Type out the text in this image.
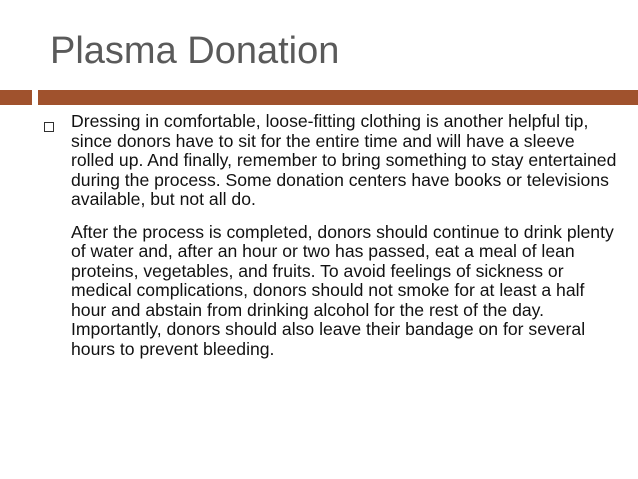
Plasma Donation

Dressing in comfortable, loose-fitting clothing is another helpful tip, since donors have to sit for the entire time and will have a sleeve rolled up. And finally, remember to bring something to stay entertained during the process. Some donation centers have books or televisions available, but not all do.

After the process is completed, donors should continue to drink plenty of water and, after an hour or two has passed, eat a meal of lean proteins, vegetables, and fruits. To avoid feelings of sickness or medical complications, donors should not smoke for at least a half hour and abstain from drinking alcohol for the rest of the day. Importantly, donors should also leave their bandage on for several hours to prevent bleeding.
